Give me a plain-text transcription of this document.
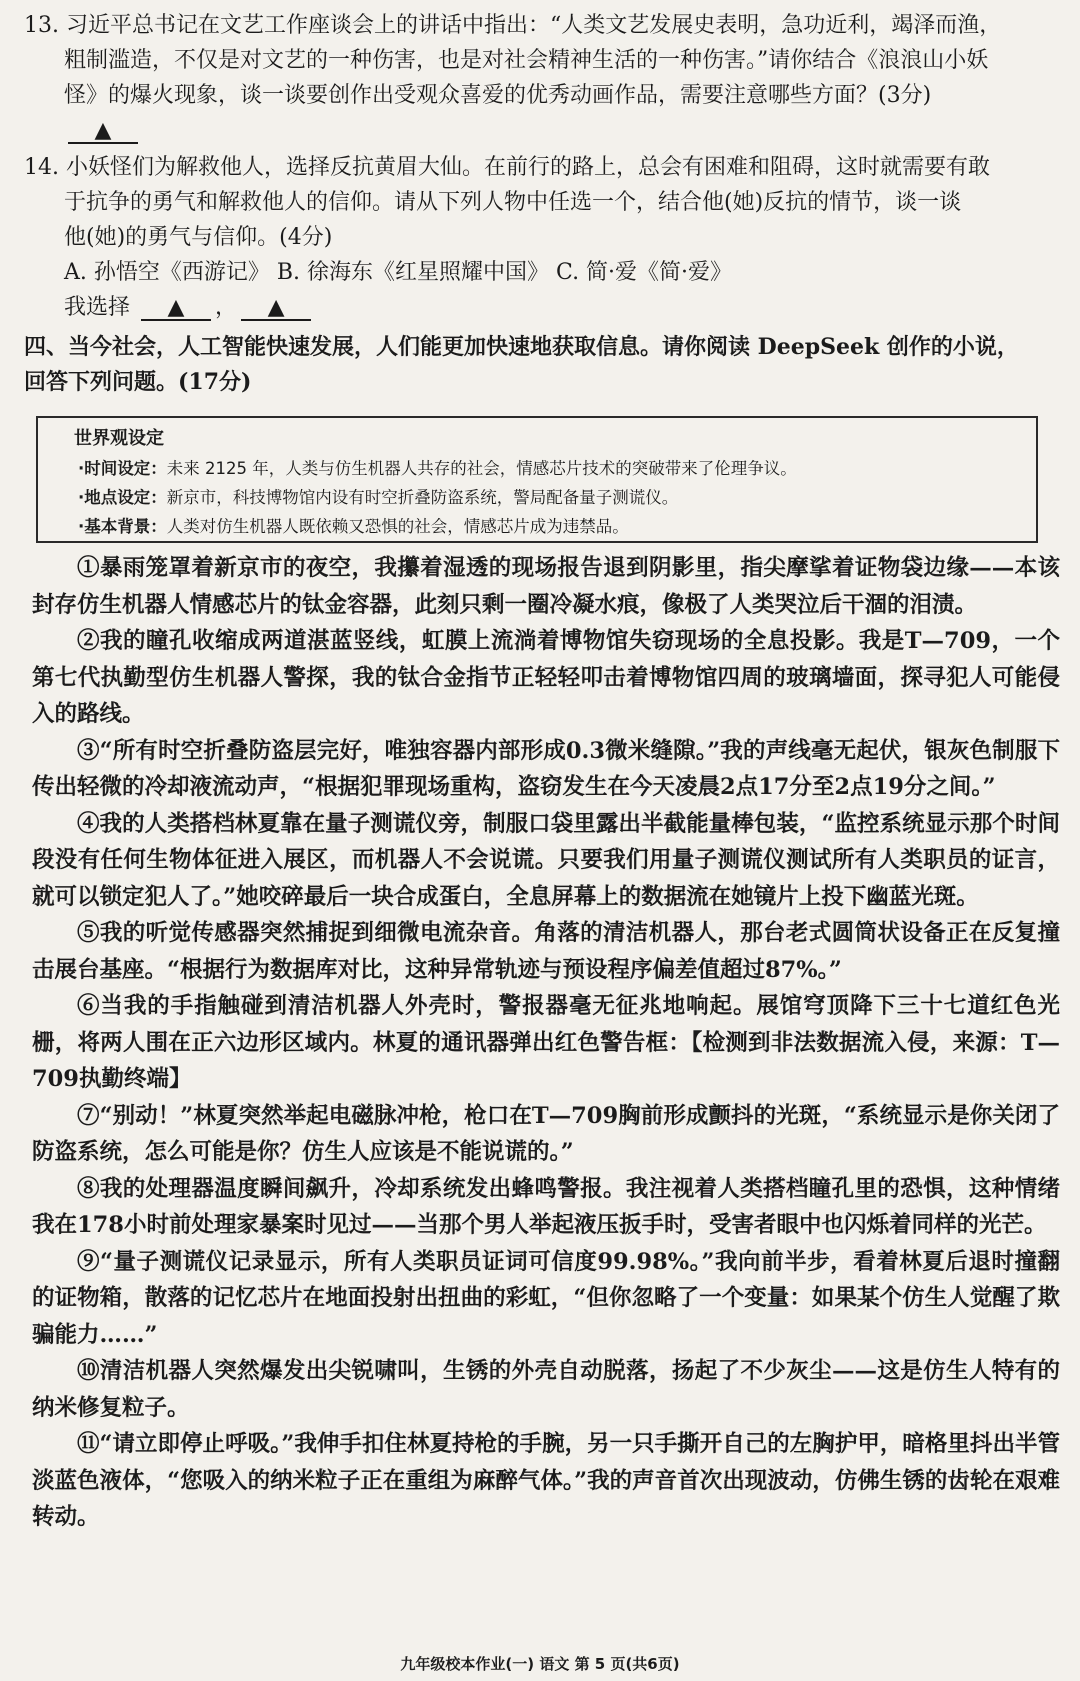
13. 习近平总书记在文艺工作座谈会上的讲话中指出：“人类文艺发展史表明，急功近利，竭泽而渔，

粗制滥造，不仅是对文艺的一种伤害，也是对社会精神生活的一种伤害。”请你结合《浪浪山小妖

怪》的爆火现象，谈一谈要创作出受观众喜爱的优秀动画作品，需要注意哪些方面？(3分)

▲

14. 小妖怪们为解救他人，选择反抗黄眉大仙。在前行的路上，总会有困难和阻碍，这时就需要有敢

于抗争的勇气和解救他人的信仰。请从下列人物中任选一个，结合他(她)反抗的情节，谈一谈

他(她)的勇气与信仰。(4分)

A. 孙悟空《西游记》 B. 徐海东《红星照耀中国》 C. 简·爱《简·爱》

我选择 ▲ ， ▲

四、当今社会，人工智能快速发展，人们能更加快速地获取信息。请你阅读 DeepSeek 创作的小说，

回答下列问题。(17分)

世界观设定
·时间设定：未来 2125 年，人类与仿生机器人共存的社会，情感芯片技术的突破带来了伦理争议。
·地点设定：新京市，科技博物馆内设有时空折叠防盗系统，警局配备量子测谎仪。
·基本背景：人类对仿生机器人既依赖又恐惧的社会，情感芯片成为违禁品。

①暴雨笼罩着新京市的夜空，我攥着湿透的现场报告退到阴影里，指尖摩挲着证物袋边缘——本该封存仿生机器人情感芯片的钛金容器，此刻只剩一圈冷凝水痕，像极了人类哭泣后干涸的泪渍。

②我的瞳孔收缩成两道湛蓝竖线，虹膜上流淌着博物馆失窃现场的全息投影。我是T—709，一个第七代执勤型仿生机器人警探，我的钛合金指节正轻轻叩击着博物馆四周的玻璃墙面，探寻犯人可能侵入的路线。

③“所有时空折叠防盗层完好，唯独容器内部形成0.3微米缝隙。”我的声线毫无起伏，银灰色制服下传出轻微的冷却液流动声，“根据犯罪现场重构，盗窃发生在今天凌晨2点17分至2点19分之间。”

④我的人类搭档林夏靠在量子测谎仪旁，制服口袋里露出半截能量棒包装，“监控系统显示那个时间段没有任何生物体征进入展区，而机器人不会说谎。只要我们用量子测谎仪测试所有人类职员的证言，就可以锁定犯人了。”她咬碎最后一块合成蛋白，全息屏幕上的数据流在她镜片上投下幽蓝光斑。

⑤我的听觉传感器突然捕捉到细微电流杂音。角落的清洁机器人，那台老式圆筒状设备正在反复撞击展台基座。“根据行为数据库对比，这种异常轨迹与预设程序偏差值超过87%。”

⑥当我的手指触碰到清洁机器人外壳时，警报器毫无征兆地响起。展馆穹顶降下三十七道红色光栅，将两人围在正六边形区域内。林夏的通讯器弹出红色警告框：【检测到非法数据流入侵，来源：T—709执勤终端】

⑦“别动！”林夏突然举起电磁脉冲枪，枪口在T—709胸前形成颤抖的光斑，“系统显示是你关闭了防盗系统，怎么可能是你？仿生人应该是不能说谎的。”

⑧我的处理器温度瞬间飙升，冷却系统发出蜂鸣警报。我注视着人类搭档瞳孔里的恐惧，这种情绪我在178小时前处理家暴案时见过——当那个男人举起液压扳手时，受害者眼中也闪烁着同样的光芒。

⑨“量子测谎仪记录显示，所有人类职员证词可信度99.98%。”我向前半步，看着林夏后退时撞翻的证物箱，散落的记忆芯片在地面投射出扭曲的彩虹，“但你忽略了一个变量：如果某个仿生人觉醒了欺骗能力……”

⑩清洁机器人突然爆发出尖锐啸叫，生锈的外壳自动脱落，扬起了不少灰尘——这是仿生人特有的纳米修复粒子。

⑪“请立即停止呼吸。”我伸手扣住林夏持枪的手腕，另一只手撕开自己的左胸护甲，暗格里抖出半管淡蓝色液体，“您吸入的纳米粒子正在重组为麻醉气体。”我的声音首次出现波动，仿佛生锈的齿轮在艰难转动。

九年级校本作业(一) 语文 第 5 页(共6页)
